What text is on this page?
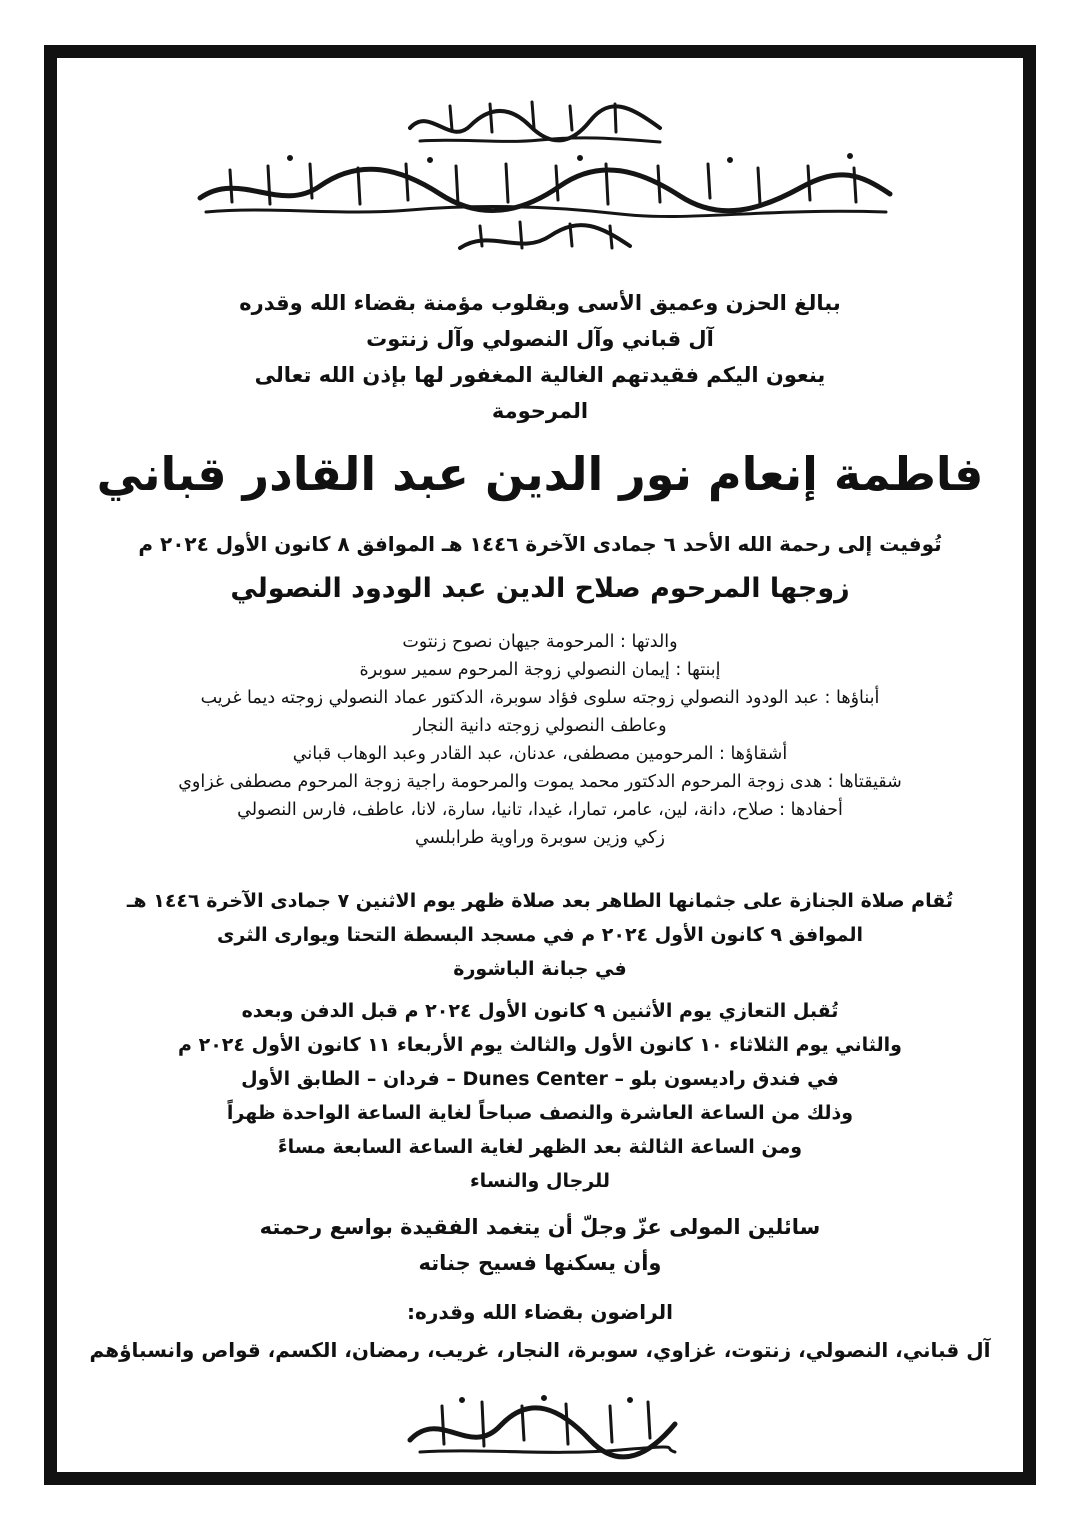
ببالغ الحزن وعميق الأسى وبقلوب مؤمنة بقضاء الله وقدره
آل قباني وآل النصولي وآل زنتوت
ينعون اليكم فقيدتهم الغالية المغفور لها بإذن الله تعالى
المرحومة
فاطمة إنعام نور الدين عبد القادر قباني
تُوفيت إلى رحمة الله الأحد ٦ جمادى الآخرة ١٤٤٦ هـ الموافق ٨ كانون الأول ٢٠٢٤ م
زوجها المرحوم صلاح الدين عبد الودود النصولي
والدتها : المرحومة جيهان نصوح زنتوت
إبنتها : إيمان النصولي زوجة المرحوم سمير سوبرة
أبناؤها : عبد الودود النصولي زوجته سلوى فؤاد سوبرة، الدكتور عماد النصولي زوجته ديما غريب
وعاطف النصولي زوجته دانية النجار
أشقاؤها : المرحومين مصطفى، عدنان، عبد القادر وعبد الوهاب قباني
شقيقتاها : هدى زوجة المرحوم الدكتور محمد يموت والمرحومة راجية زوجة المرحوم مصطفى غزاوي
أحفادها : صلاح، دانة، لين، عامر، تمارا، غيدا، تانيا، سارة، لانا، عاطف، فارس النصولي
زكي وزين سوبرة وراوية طرابلسي
تُقام صلاة الجنازة على جثمانها الطاهر بعد صلاة ظهر يوم الاثنين ٧ جمادى الآخرة ١٤٤٦ هـ
الموافق ٩ كانون الأول ٢٠٢٤ م في مسجد البسطة التحتا ويوارى الثرى
في جبانة الباشورة
تُقبل التعازي يوم الأثنين ٩ كانون الأول ٢٠٢٤ م قبل الدفن وبعده
والثاني يوم الثلاثاء ١٠ كانون الأول والثالث يوم الأربعاء ١١ كانون الأول ٢٠٢٤ م
في فندق راديسون بلو – Dunes Center – فردان – الطابق الأول
وذلك من الساعة العاشرة والنصف صباحاً لغاية الساعة الواحدة ظهراً
ومن الساعة الثالثة بعد الظهر لغاية الساعة السابعة مساءً
للرجال والنساء
سائلين المولى عزّ وجلّ أن يتغمد الفقيدة بواسع رحمته
وأن يسكنها فسيح جناته
الراضون بقضاء الله وقدره:
آل قباني، النصولي، زنتوت، غزاوي، سوبرة، النجار، غريب، رمضان، الكسم، قواص وانسباؤهم
